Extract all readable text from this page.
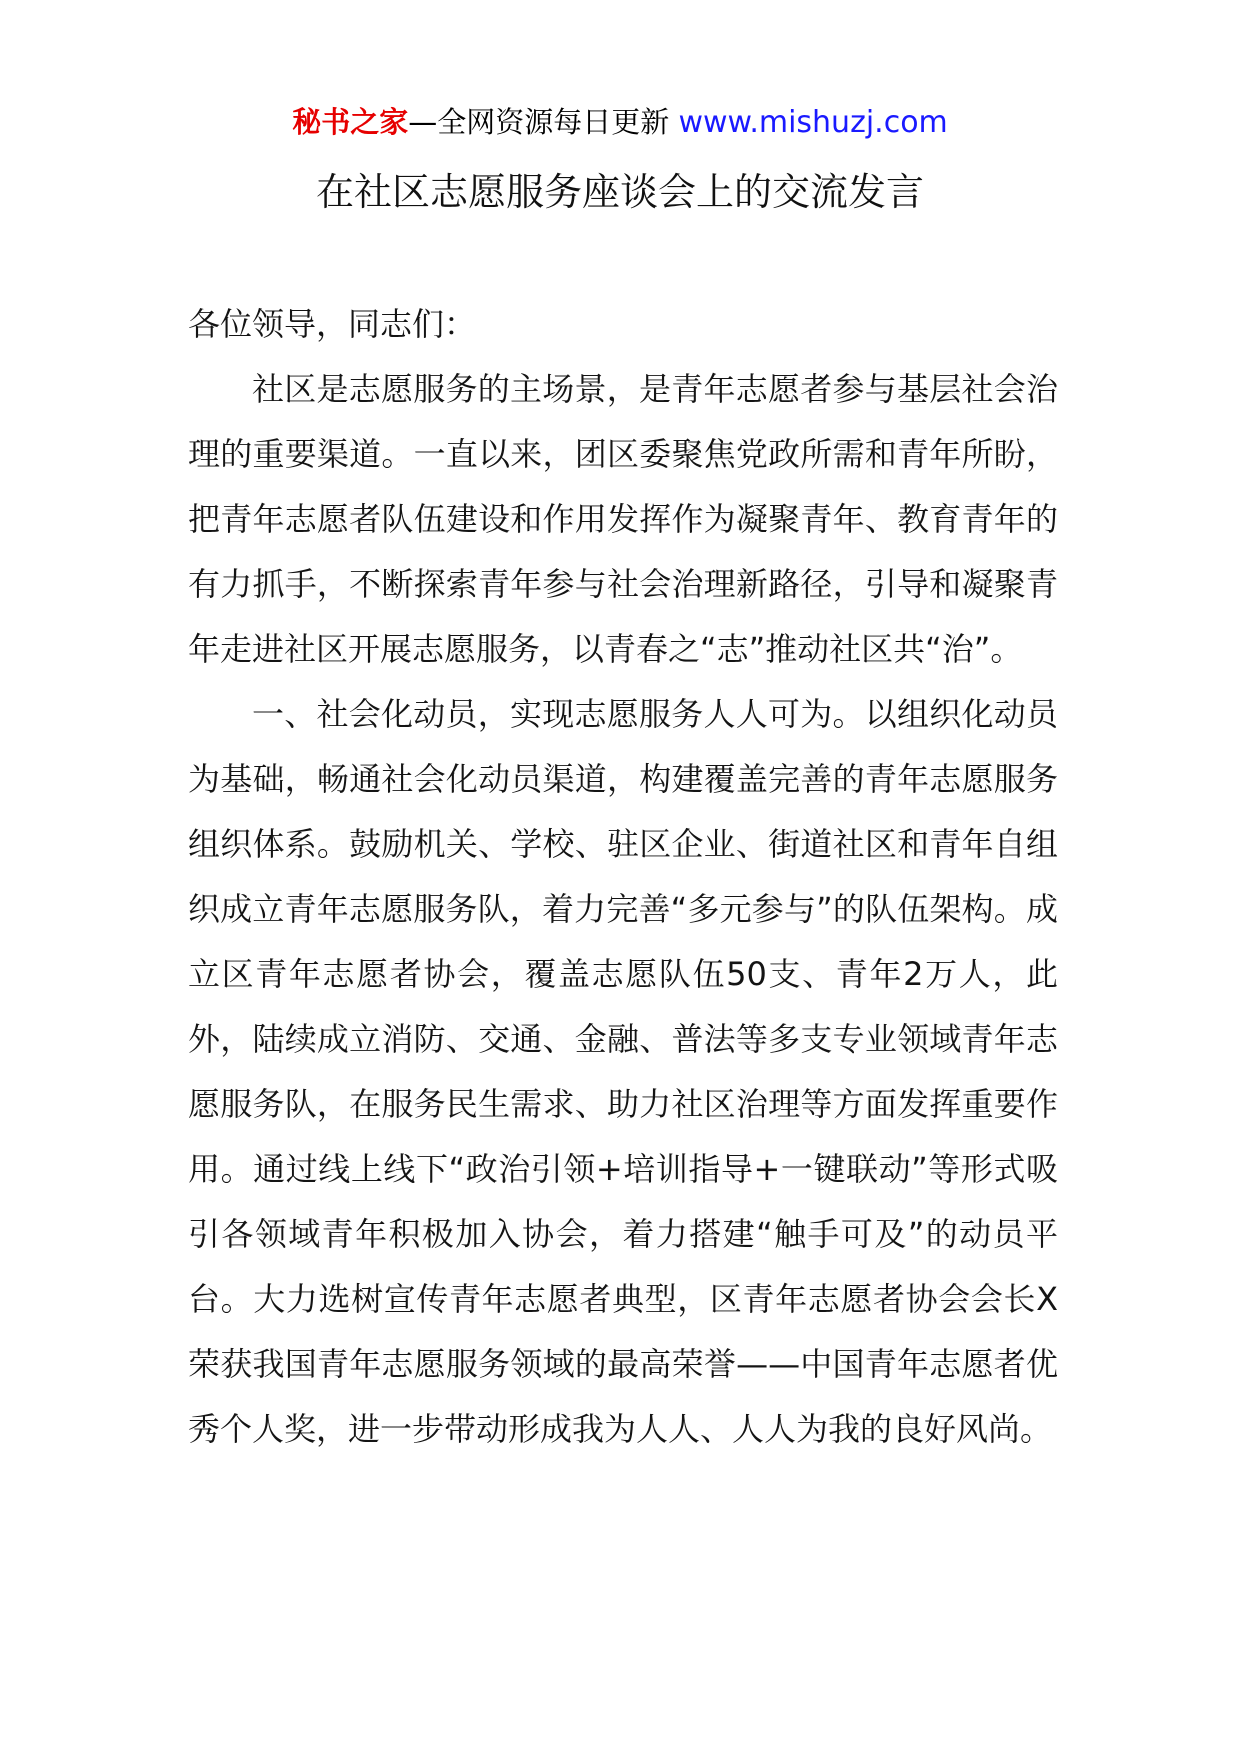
秘书之家—全网资源每日更新 www.mishuzj.com
在社区志愿服务座谈会上的交流发言

各位领导，同志们：

社区是志愿服务的主场景，是青年志愿者参与基层社会治理的重要渠道。一直以来，团区委聚焦党政所需和青年所盼，把青年志愿者队伍建设和作用发挥作为凝聚青年、教育青年的有力抓手，不断探索青年参与社会治理新路径，引导和凝聚青年走进社区开展志愿服务，以青春之“志”推动社区共“治”。

一、社会化动员，实现志愿服务人人可为。以组织化动员为基础，畅通社会化动员渠道，构建覆盖完善的青年志愿服务组织体系。鼓励机关、学校、驻区企业、街道社区和青年自组织成立青年志愿服务队，着力完善“多元参与”的队伍架构。成立区青年志愿者协会，覆盖志愿队伍50支、青年2万人，此外，陆续成立消防、交通、金融、普法等多支专业领域青年志愿服务队，在服务民生需求、助力社区治理等方面发挥重要作用。通过线上线下“政治引领+培训指导+一键联动”等形式吸引各领域青年积极加入协会，着力搭建“触手可及”的动员平台。大力选树宣传青年志愿者典型，区青年志愿者协会会长X荣获我国青年志愿服务领域的最高荣誉——中国青年志愿者优秀个人奖，进一步带动形成我为人人、人人为我的良好风尚。
